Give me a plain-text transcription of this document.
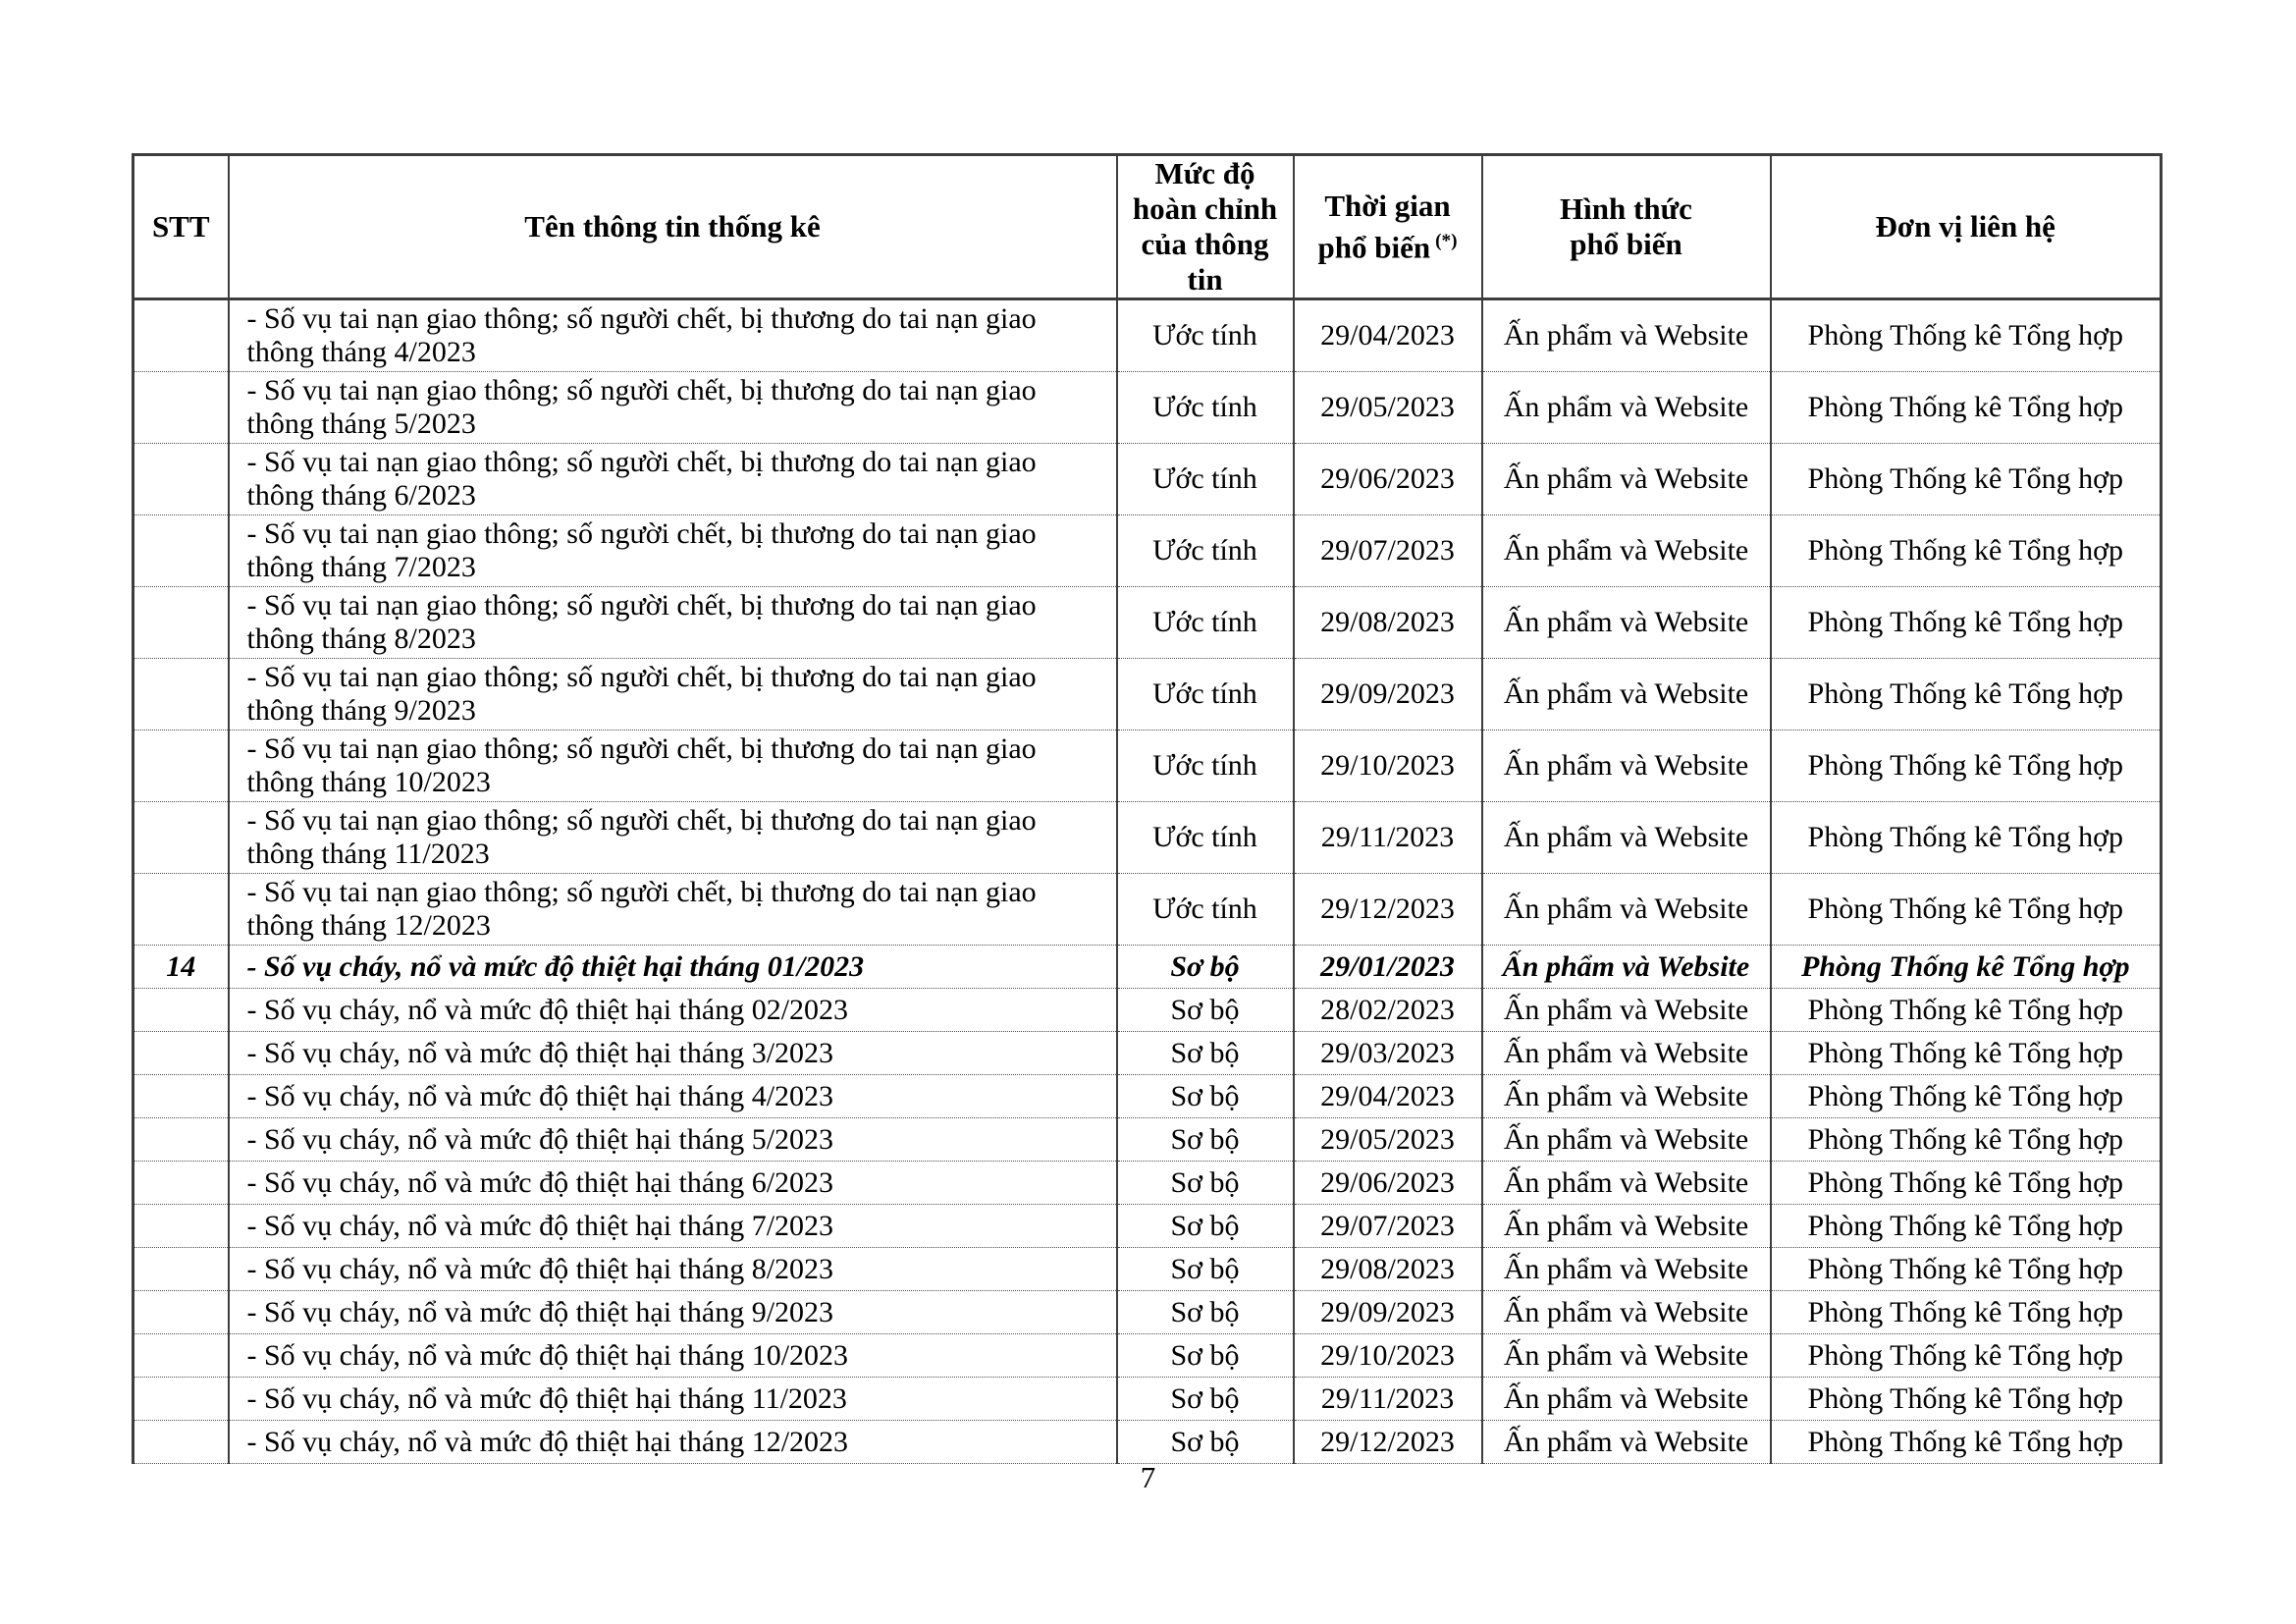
STT	Tên thông tin thống kê	Mức độ hoàn chỉnh của thông tin	Thời gian phổ biến (*)	Hình thức phổ biến	Đơn vị liên hệ
	- Số vụ tai nạn giao thông; số người chết, bị thương do tai nạn giao thông tháng 4/2023	Ước tính	29/04/2023	Ấn phẩm và Website	Phòng Thống kê Tổng hợp
	- Số vụ tai nạn giao thông; số người chết, bị thương do tai nạn giao thông tháng 5/2023	Ước tính	29/05/2023	Ấn phẩm và Website	Phòng Thống kê Tổng hợp
	- Số vụ tai nạn giao thông; số người chết, bị thương do tai nạn giao thông tháng 6/2023	Ước tính	29/06/2023	Ấn phẩm và Website	Phòng Thống kê Tổng hợp
	- Số vụ tai nạn giao thông; số người chết, bị thương do tai nạn giao thông tháng 7/2023	Ước tính	29/07/2023	Ấn phẩm và Website	Phòng Thống kê Tổng hợp
	- Số vụ tai nạn giao thông; số người chết, bị thương do tai nạn giao thông tháng 8/2023	Ước tính	29/08/2023	Ấn phẩm và Website	Phòng Thống kê Tổng hợp
	- Số vụ tai nạn giao thông; số người chết, bị thương do tai nạn giao thông tháng 9/2023	Ước tính	29/09/2023	Ấn phẩm và Website	Phòng Thống kê Tổng hợp
	- Số vụ tai nạn giao thông; số người chết, bị thương do tai nạn giao thông tháng 10/2023	Ước tính	29/10/2023	Ấn phẩm và Website	Phòng Thống kê Tổng hợp
	- Số vụ tai nạn giao thông; số người chết, bị thương do tai nạn giao thông tháng 11/2023	Ước tính	29/11/2023	Ấn phẩm và Website	Phòng Thống kê Tổng hợp
	- Số vụ tai nạn giao thông; số người chết, bị thương do tai nạn giao thông tháng 12/2023	Ước tính	29/12/2023	Ấn phẩm và Website	Phòng Thống kê Tổng hợp
14	- Số vụ cháy, nổ và mức độ thiệt hại tháng 01/2023	Sơ bộ	29/01/2023	Ấn phẩm và Website	Phòng Thống kê Tổng hợp
	- Số vụ cháy, nổ và mức độ thiệt hại tháng 02/2023	Sơ bộ	28/02/2023	Ấn phẩm và Website	Phòng Thống kê Tổng hợp
	- Số vụ cháy, nổ và mức độ thiệt hại tháng 3/2023	Sơ bộ	29/03/2023	Ấn phẩm và Website	Phòng Thống kê Tổng hợp
	- Số vụ cháy, nổ và mức độ thiệt hại tháng 4/2023	Sơ bộ	29/04/2023	Ấn phẩm và Website	Phòng Thống kê Tổng hợp
	- Số vụ cháy, nổ và mức độ thiệt hại tháng 5/2023	Sơ bộ	29/05/2023	Ấn phẩm và Website	Phòng Thống kê Tổng hợp
	- Số vụ cháy, nổ và mức độ thiệt hại tháng 6/2023	Sơ bộ	29/06/2023	Ấn phẩm và Website	Phòng Thống kê Tổng hợp
	- Số vụ cháy, nổ và mức độ thiệt hại tháng 7/2023	Sơ bộ	29/07/2023	Ấn phẩm và Website	Phòng Thống kê Tổng hợp
	- Số vụ cháy, nổ và mức độ thiệt hại tháng 8/2023	Sơ bộ	29/08/2023	Ấn phẩm và Website	Phòng Thống kê Tổng hợp
	- Số vụ cháy, nổ và mức độ thiệt hại tháng 9/2023	Sơ bộ	29/09/2023	Ấn phẩm và Website	Phòng Thống kê Tổng hợp
	- Số vụ cháy, nổ và mức độ thiệt hại tháng 10/2023	Sơ bộ	29/10/2023	Ấn phẩm và Website	Phòng Thống kê Tổng hợp
	- Số vụ cháy, nổ và mức độ thiệt hại tháng 11/2023	Sơ bộ	29/11/2023	Ấn phẩm và Website	Phòng Thống kê Tổng hợp
	- Số vụ cháy, nổ và mức độ thiệt hại tháng 12/2023	Sơ bộ	29/12/2023	Ấn phẩm và Website	Phòng Thống kê Tổng hợp
7
